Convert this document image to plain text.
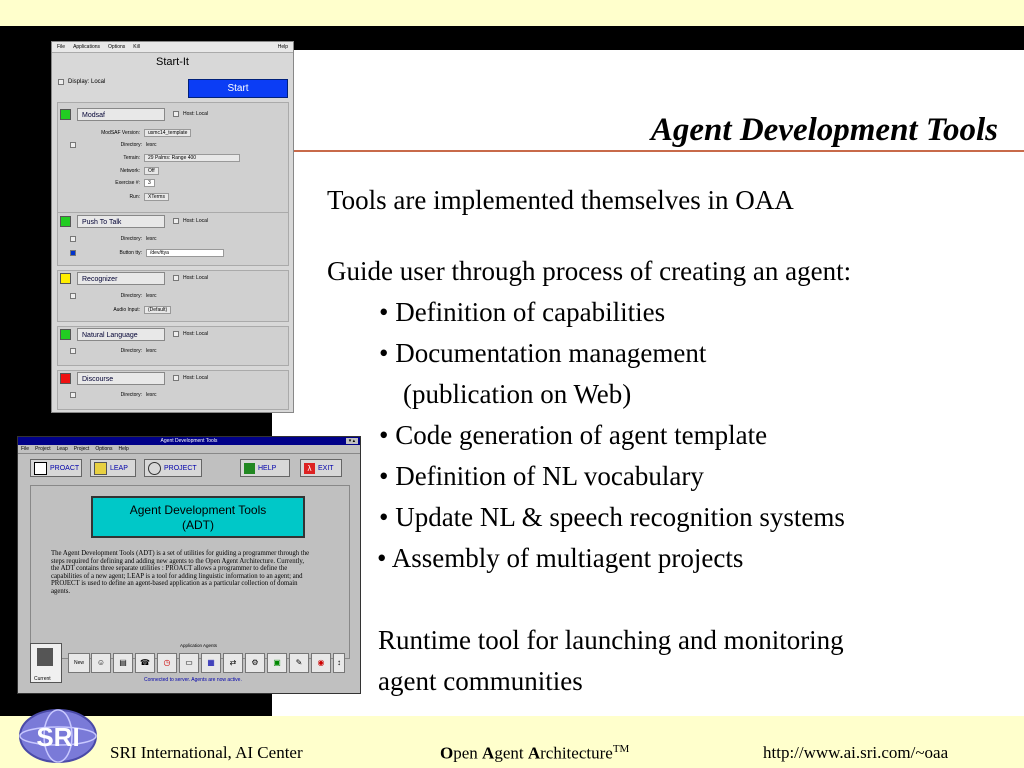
Agent Development Tools
Tools are implemented themselves in OAA
Guide user through process of creating an agent:
• Definition of capabilities
• Documentation management
(publication on Web)
• Code generation of agent template
• Definition of NL vocabulary
• Update NL & speech recognition systems
• Assembly of multiagent projects
Runtime tool for launching and monitoring
agent communities
File Applications Options Kill	Help
Start-It
Display: Local
Start
Modsaf	Host: Local
ModSAF Version:	usmc14_template
Directory: lesrc
Terrain:	29 Palms: Range 400
Network:	Off
Exercise #:	3
Run:	XTerms
Push To Talk	Host: Local
Directory: lesrc
Button tty:	/dev/ttya
Recognizer	Host: Local
Directory: lesrc
Audio Input:	(Default)
Natural Language	Host: Local
Directory: lesrc
Discourse	Host: Local
Directory: lesrc
Agent Development Tools	▾ ▴
File Project Leap Project Options Help
PROACT	LEAP	PROJECT	HELP	λ EXIT
Agent Development Tools
(ADT)
The Agent Development Tools (ADT) is a set of utilities for guiding a programmer through the steps required for defining and adding new agents to the Open Agent Architecture. Currently, the ADT contains three separate utilities : PROACT allows a programmer to define the capabilities of a new agent; LEAP is a tool for adding linguistic information to an agent; and PROJECT is used to define an agent-based application as a particular collection of domain agents.
Application Agents
Current
New	☺	▤	☎	◷	▭	▦	⇄	⚙	▣	✎	◉	↕
Connected to server. Agents are now active.
SRI
SRI International, AI Center	Open Agent Architecture™	http://www.ai.sri.com/~oaa
